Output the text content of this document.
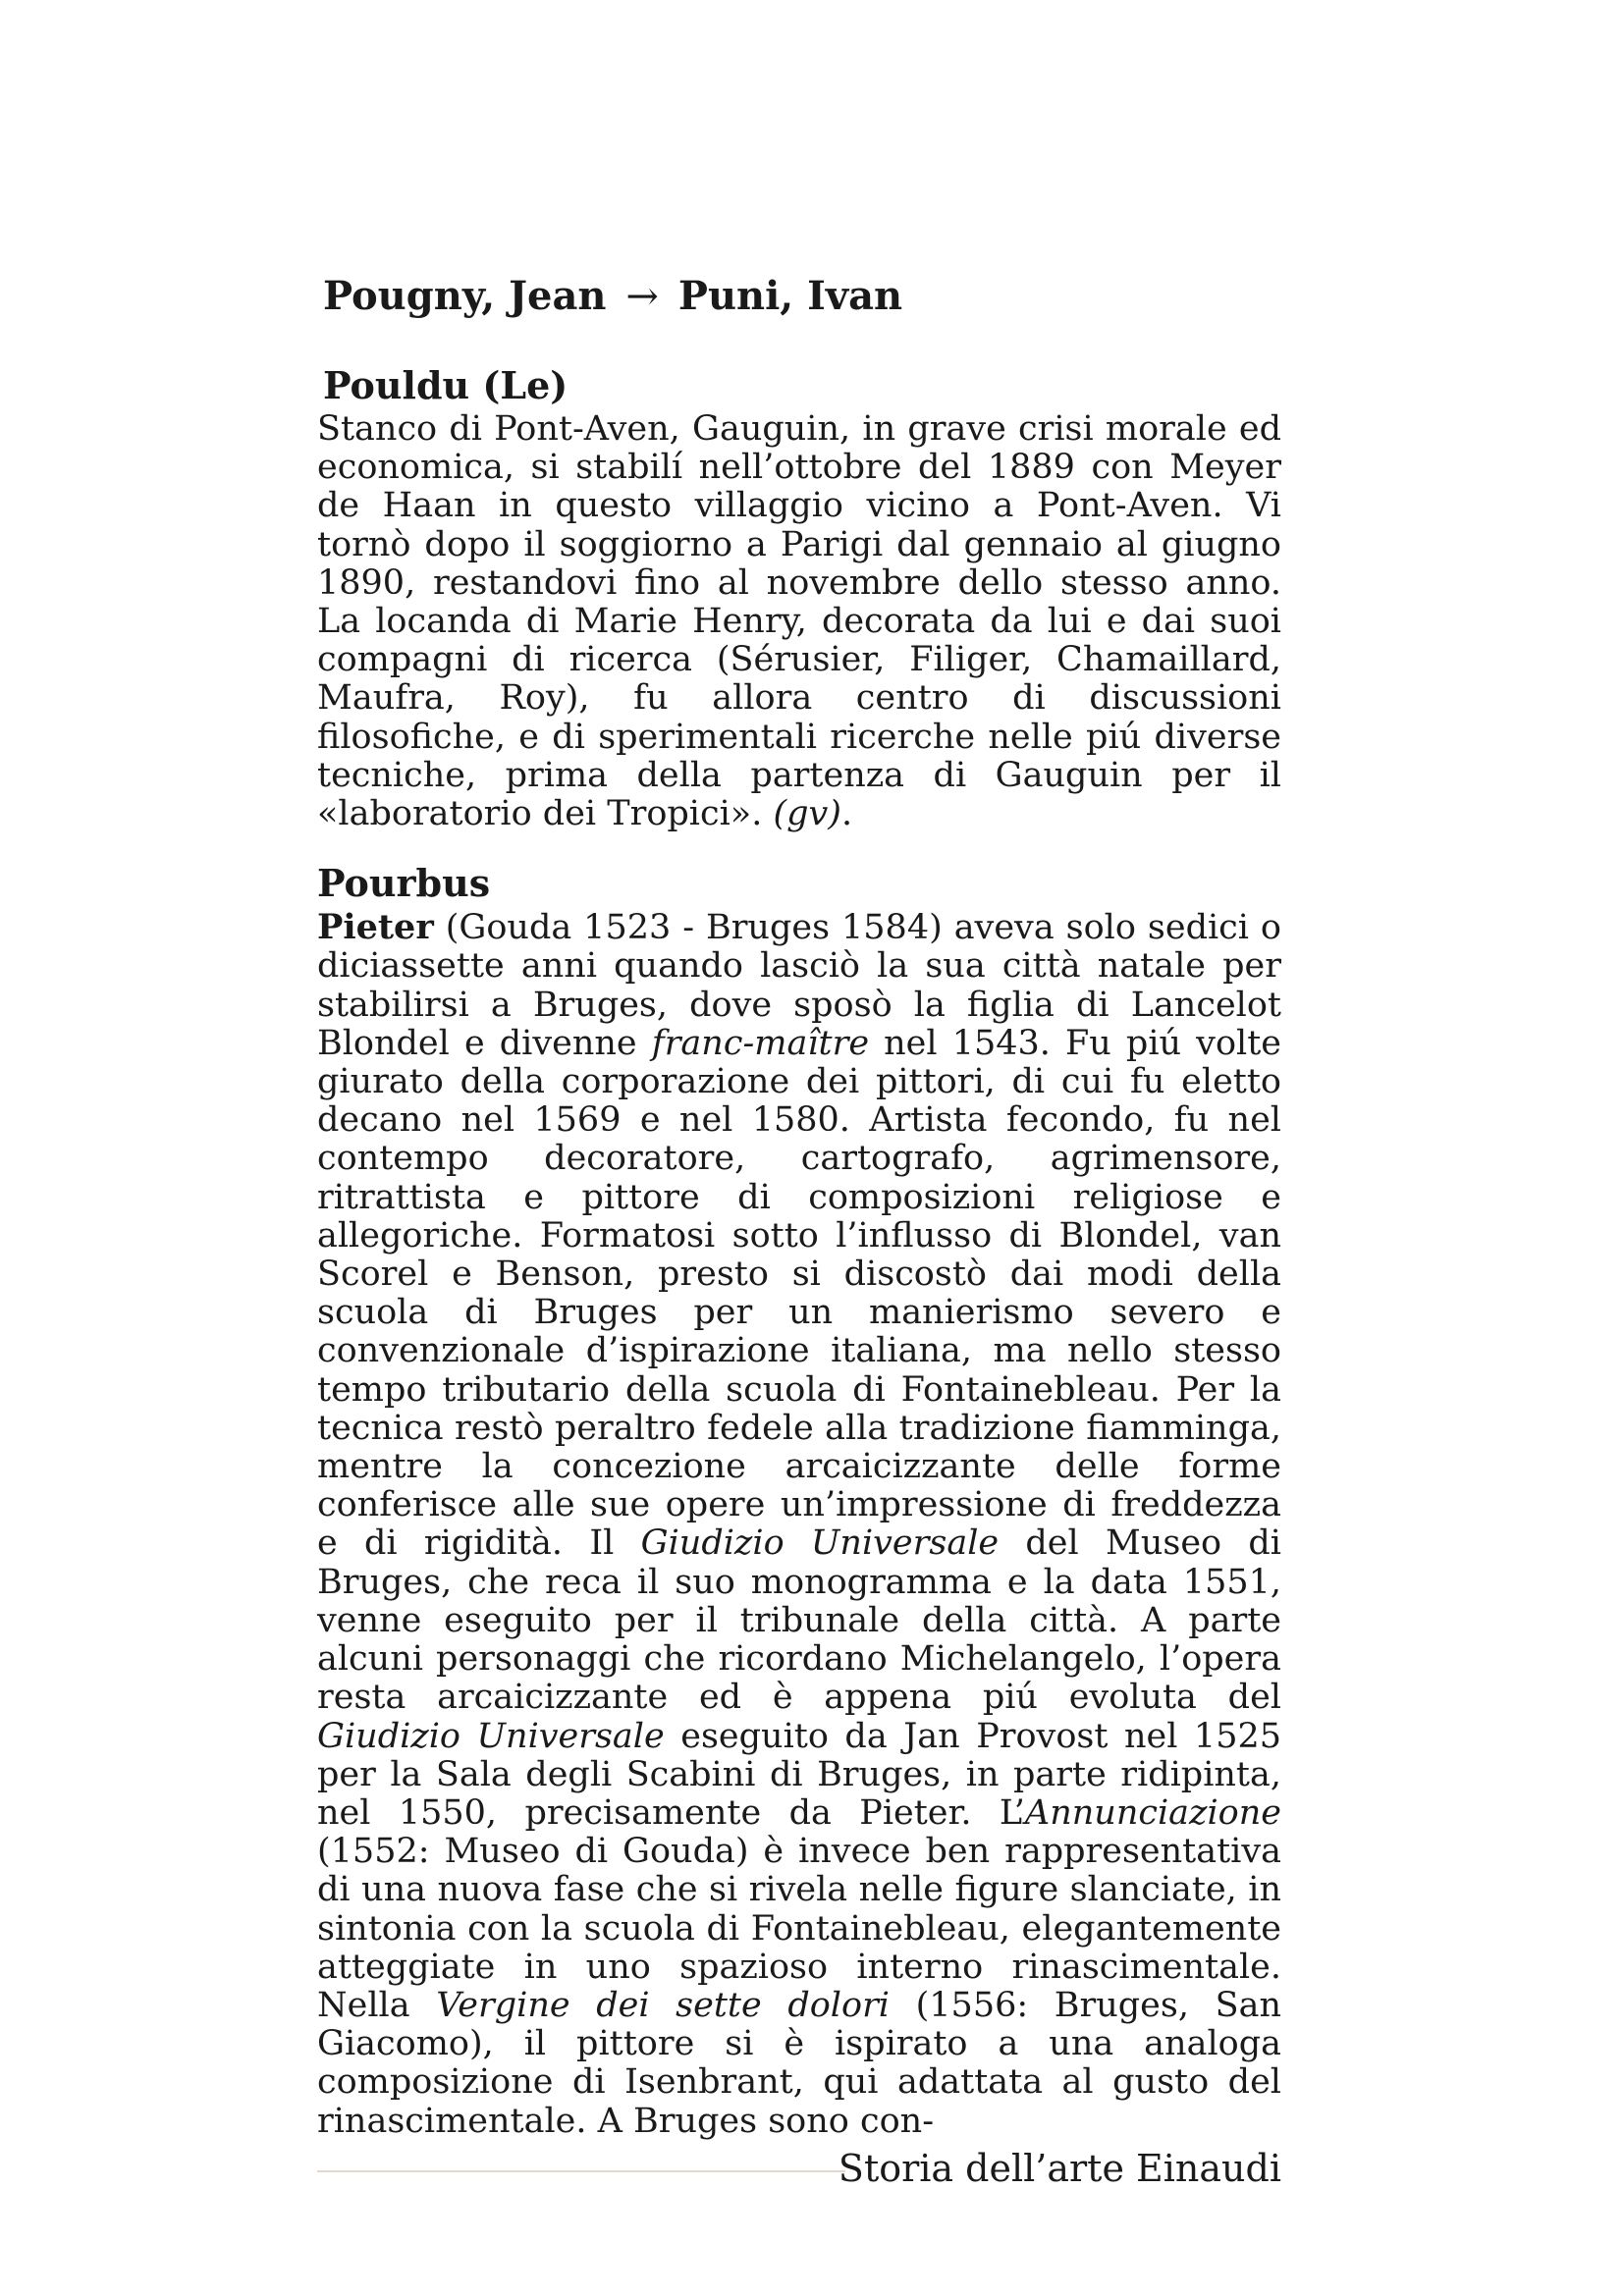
Pougny, Jean → Puni, Ivan
Pouldu (Le)
Stanco di Pont-Aven, Gauguin, in grave crisi morale ed economica, si stabilí nell’ottobre del 1889 con Meyer de Haan in questo villaggio vicino a Pont-Aven. Vi tornò dopo il soggiorno a Parigi dal gennaio al giugno 1890, restandovi fino al novembre dello stesso anno. La locanda di Marie Henry, decorata da lui e dai suoi compagni di ricerca (Sérusier, Filiger, Chamaillard, Maufra, Roy), fu allora centro di discussioni filosofiche, e di sperimentali ricerche nelle piú diverse tecniche, prima della partenza di Gauguin per il «laboratorio dei Tropici». (gv).
Pourbus
Pieter (Gouda 1523 - Bruges 1584) aveva solo sedici o diciassette anni quando lasciò la sua città natale per stabilirsi a Bruges, dove sposò la figlia di Lancelot Blondel e divenne franc-maître nel 1543. Fu piú volte giurato della corporazione dei pittori, di cui fu eletto decano nel 1569 e nel 1580. Artista fecondo, fu nel contempo decoratore, cartografo, agrimensore, ritrattista e pittore di composizioni religiose e allegoriche. Formatosi sotto l’influsso di Blondel, van Scorel e Benson, presto si discostò dai modi della scuola di Bruges per un manierismo severo e convenzionale d’ispirazione italiana, ma nello stesso tempo tributario della scuola di Fontainebleau. Per la tecnica restò peraltro fedele alla tradizione fiamminga, mentre la concezione arcaicizzante delle forme conferisce alle sue opere un’impressione di freddezza e di rigidità. Il Giudizio Universale del Museo di Bruges, che reca il suo monogramma e la data 1551, venne eseguito per il tribunale della città. A parte alcuni personaggi che ricordano Michelangelo, l’opera resta arcaicizzante ed è appena piú evoluta del Giudizio Universale eseguito da Jan Provost nel 1525 per la Sala degli Scabini di Bruges, in parte ridipinta, nel 1550, precisamente da Pieter. L’Annunciazione (1552: Museo di Gouda) è invece ben rappresentativa di una nuova fase che si rivela nelle figure slanciate, in sintonia con la scuola di Fontainebleau, elegantemente atteggiate in uno spazioso interno rinascimentale. Nella Vergine dei sette dolori (1556: Bruges, San Giacomo), il pittore si è ispirato a una analoga composizione di Isenbrant, qui adattata al gusto del rinascimentale. A Bruges sono con-
Storia dell’arte Einaudi
